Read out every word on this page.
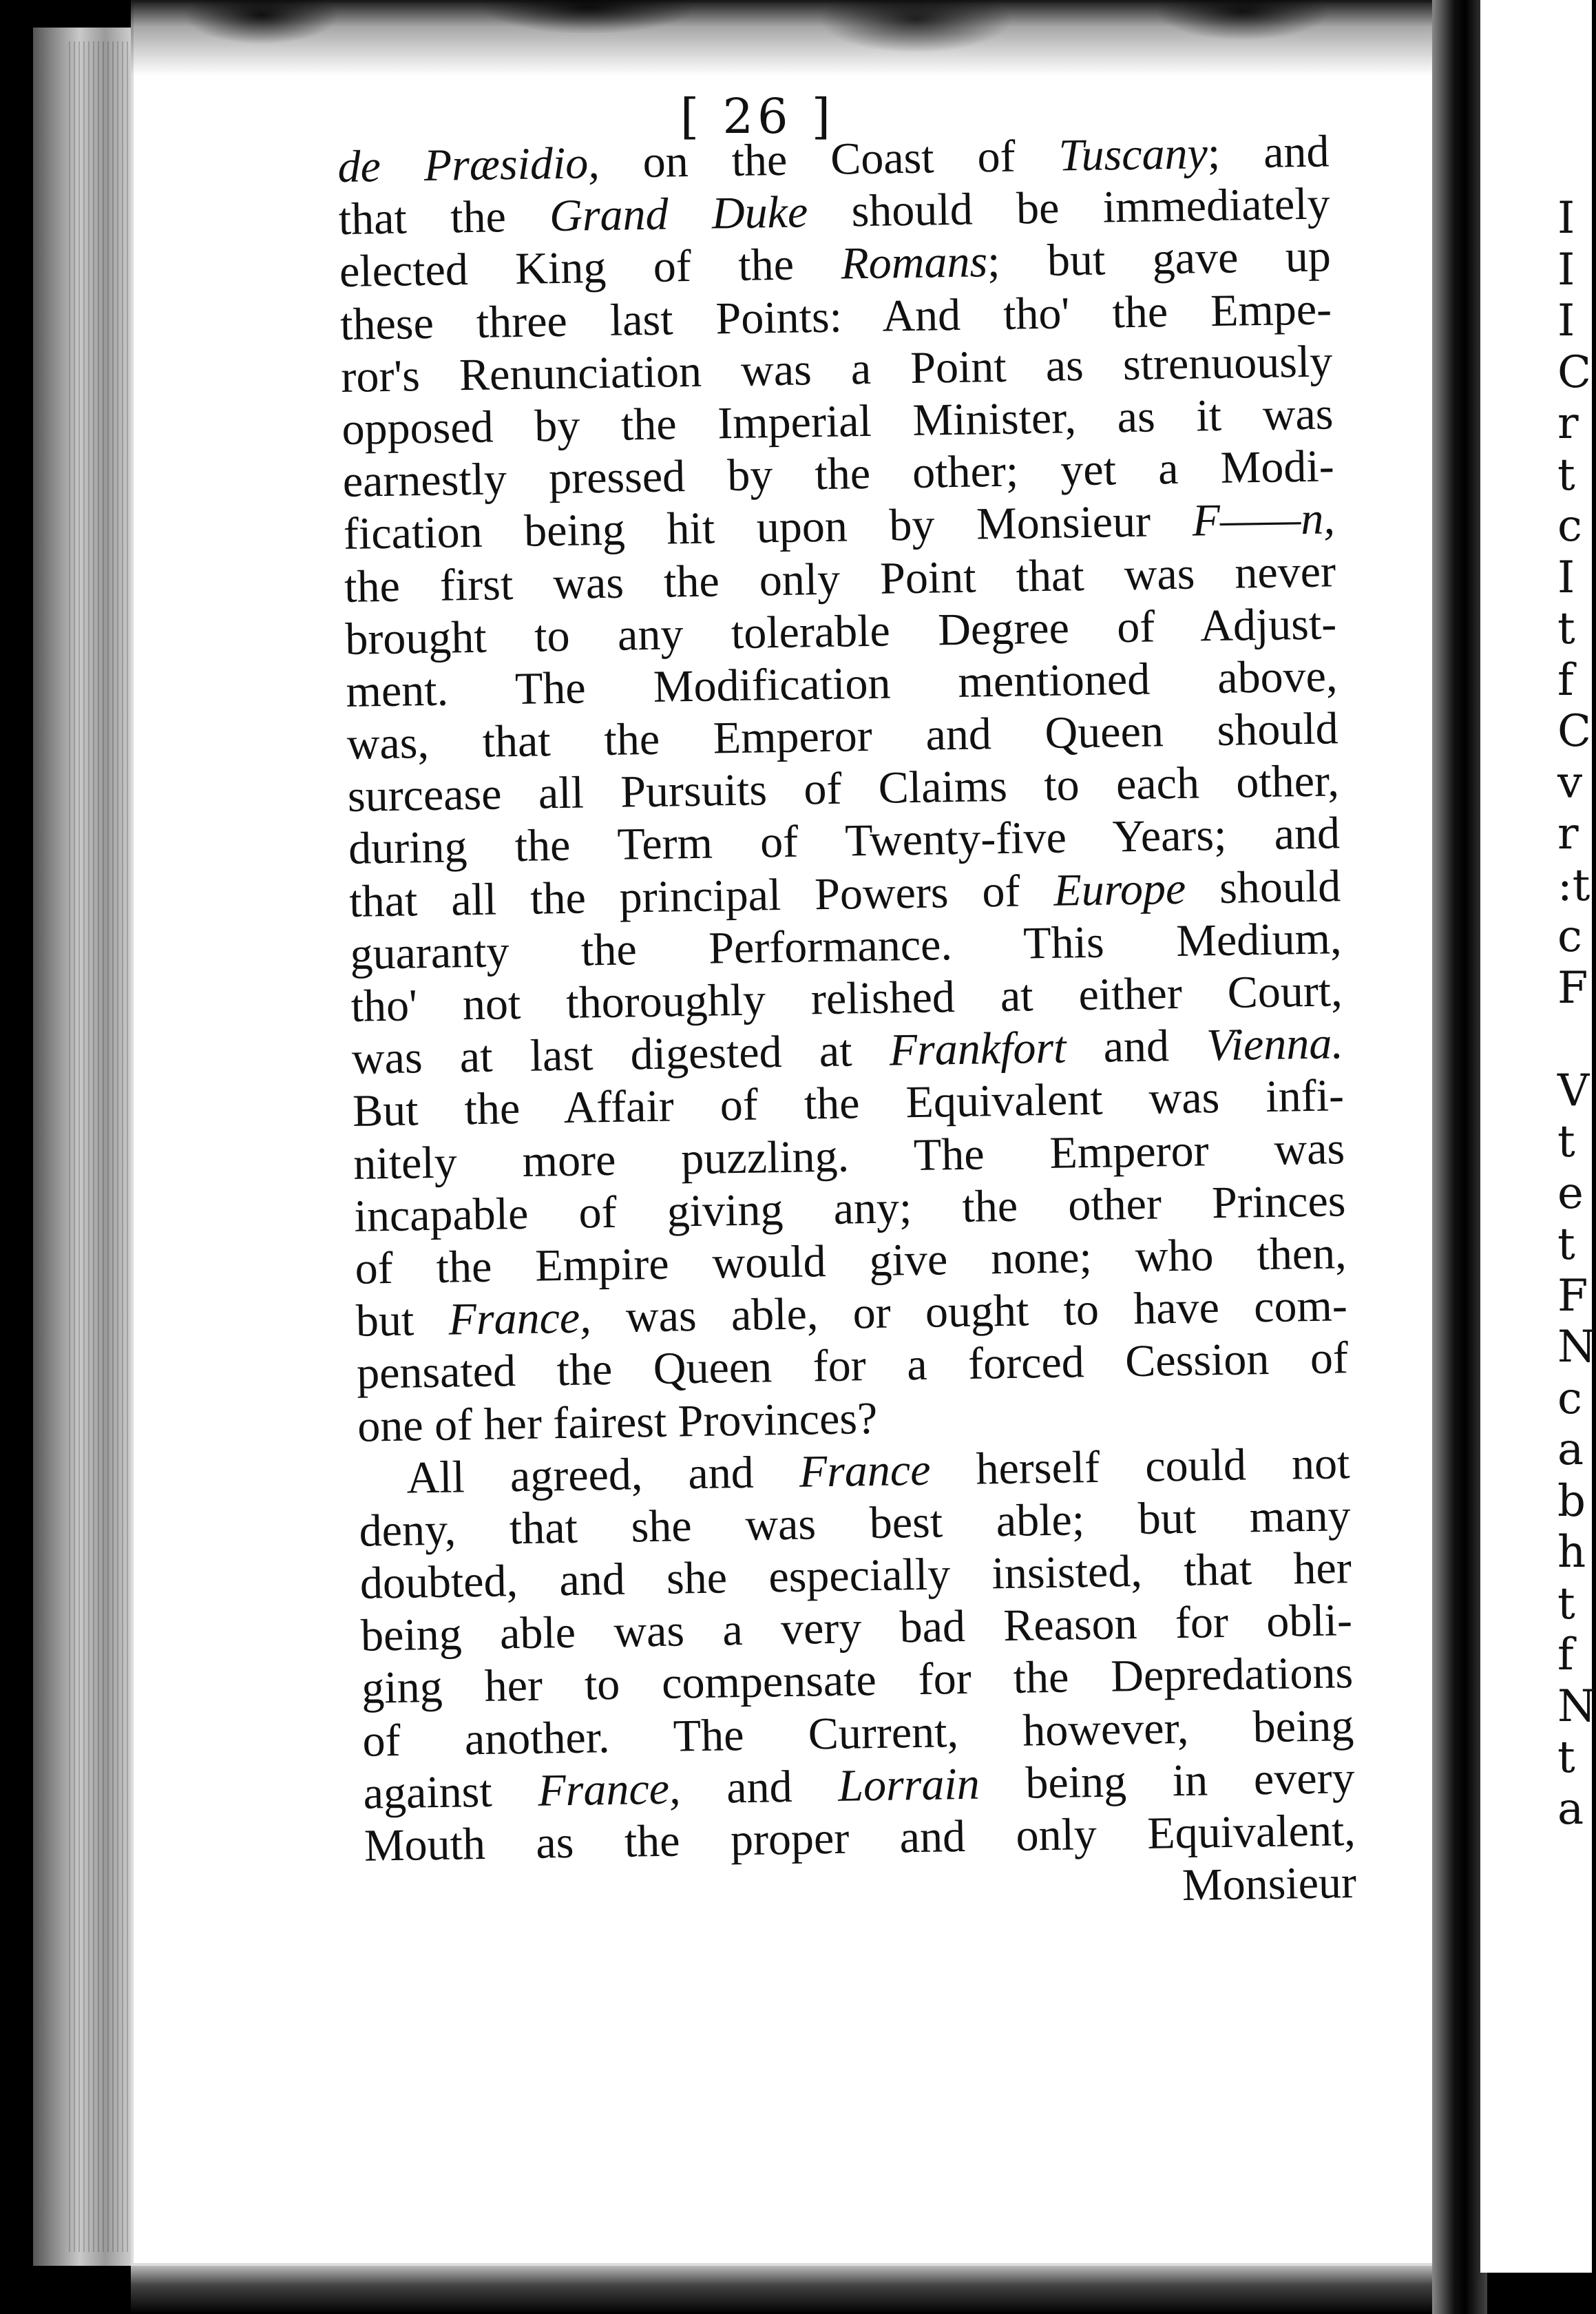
I
I
I
C
r
t
c
I
t
f
C
v
r
:t
c
F

V
t
e
t
F
N
c
a
b
h
t
f
N
t
a
[ 26 ]
de Præsidio, on the Coast of Tuscany; and
that the Grand Duke should be immediately
elected King of the Romans; but gave up
these three last Points: And tho' the Empe-
ror's Renunciation was a Point as strenuously
opposed by the Imperial Minister, as it was
earnestly pressed by the other; yet a Modi-
fication being hit upon by Monsieur F——n,
the first was the only Point that was never
brought to any tolerable Degree of Adjust-
ment. The Modification mentioned above,
was, that the Emperor and Queen should
surcease all Pursuits of Claims to each other,
during the Term of Twenty-five Years; and
that all the principal Powers of Europe should
guaranty the Performance. This Medium,
tho' not thoroughly relished at either Court,
was at last digested at Frankfort and Vienna.
But the Affair of the Equivalent was infi-
nitely more puzzling. The Emperor was
incapable of giving any; the other Princes
of the Empire would give none; who then,
but France, was able, or ought to have com-
pensated the Queen for a forced Cession of
one of her fairest Provinces?
All agreed, and France herself could not
deny, that she was best able; but many
doubted, and she especially insisted, that her
being able was a very bad Reason for obli-
ging her to compensate for the Depredations
of another. The Current, however, being
against France, and Lorrain being in every
Mouth as the proper and only Equivalent,
Monsieur
